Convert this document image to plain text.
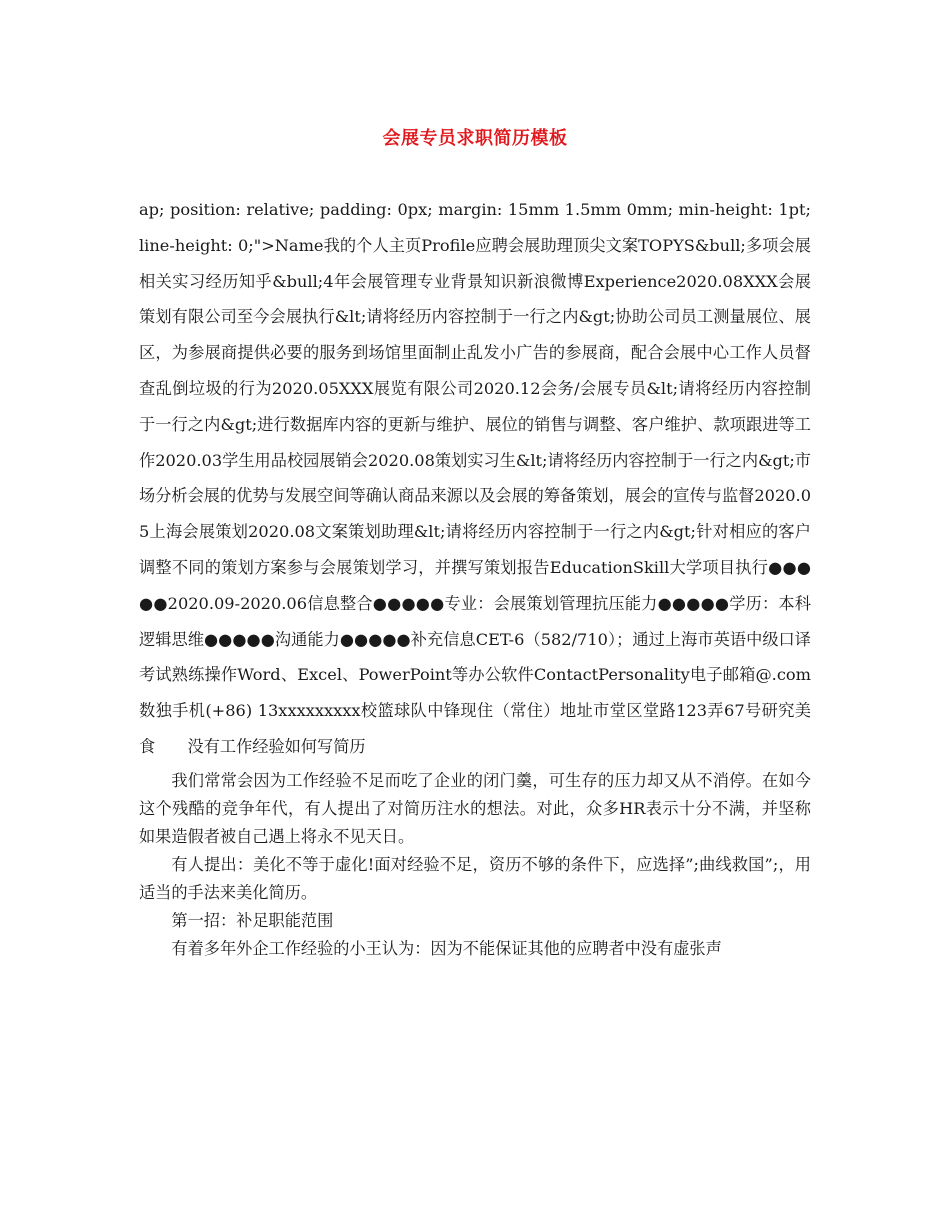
会展专员求职简历模板

ap; position: relative; padding: 0px; margin: 15mm 1.5mm 0mm; min-height: 1pt; line-height: 0;">Name我的个人主页Profile应聘会展助理顶尖文案TOPYS&bull;多项会展相关实习经历知乎&bull;4年会展管理专业背景知识新浪微博Experience2020.08XXX会展策划有限公司至今会展执行&lt;请将经历内容控制于一行之内&gt;协助公司员工测量展位、展区，为参展商提供必要的服务到场馆里面制止乱发小广告的参展商，配合会展中心工作人员督查乱倒垃圾的行为2020.05XXX展览有限公司2020.12会务/会展专员&lt;请将经历内容控制于一行之内&gt;进行数据库内容的更新与维护、展位的销售与调整、客户维护、款项跟进等工作2020.03学生用品校园展销会2020.08策划实习生&lt;请将经历内容控制于一行之内&gt;市场分析会展的优势与发展空间等确认商品来源以及会展的筹备策划，展会的宣传与监督2020.05上海会展策划2020.08文案策划助理&lt;请将经历内容控制于一行之内&gt;针对相应的客户调整不同的策划方案参与会展策划学习，并撰写策划报告EducationSkill大学项目执行●●●●●2020.09-2020.06信息整合●●●●●专业：会展策划管理抗压能力●●●●●学历：本科逻辑思维●●●●●沟通能力●●●●●补充信息CET-6（582/710）；通过上海市英语中级口译考试熟练操作Word、Excel、PowerPoint等办公软件ContactPersonality电子邮箱@.com数独手机(+86) 13xxxxxxxxx校篮球队中锋现住（常住）地址市堂区堂路123弄67号研究美食　　没有工作经验如何写简历

我们常常会因为工作经验不足而吃了企业的闭门羹，可生存的压力却又从不消停。在如今这个残酷的竞争年代，有人提出了对简历注水的想法。对此，众多HR表示十分不满，并坚称如果造假者被自己遇上将永不见天日。

有人提出：美化不等于虚化!面对经验不足，资历不够的条件下，应选择”;曲线救国”;，用适当的手法来美化简历。

第一招：补足职能范围

有着多年外企工作经验的小王认为：因为不能保证其他的应聘者中没有虚张声
